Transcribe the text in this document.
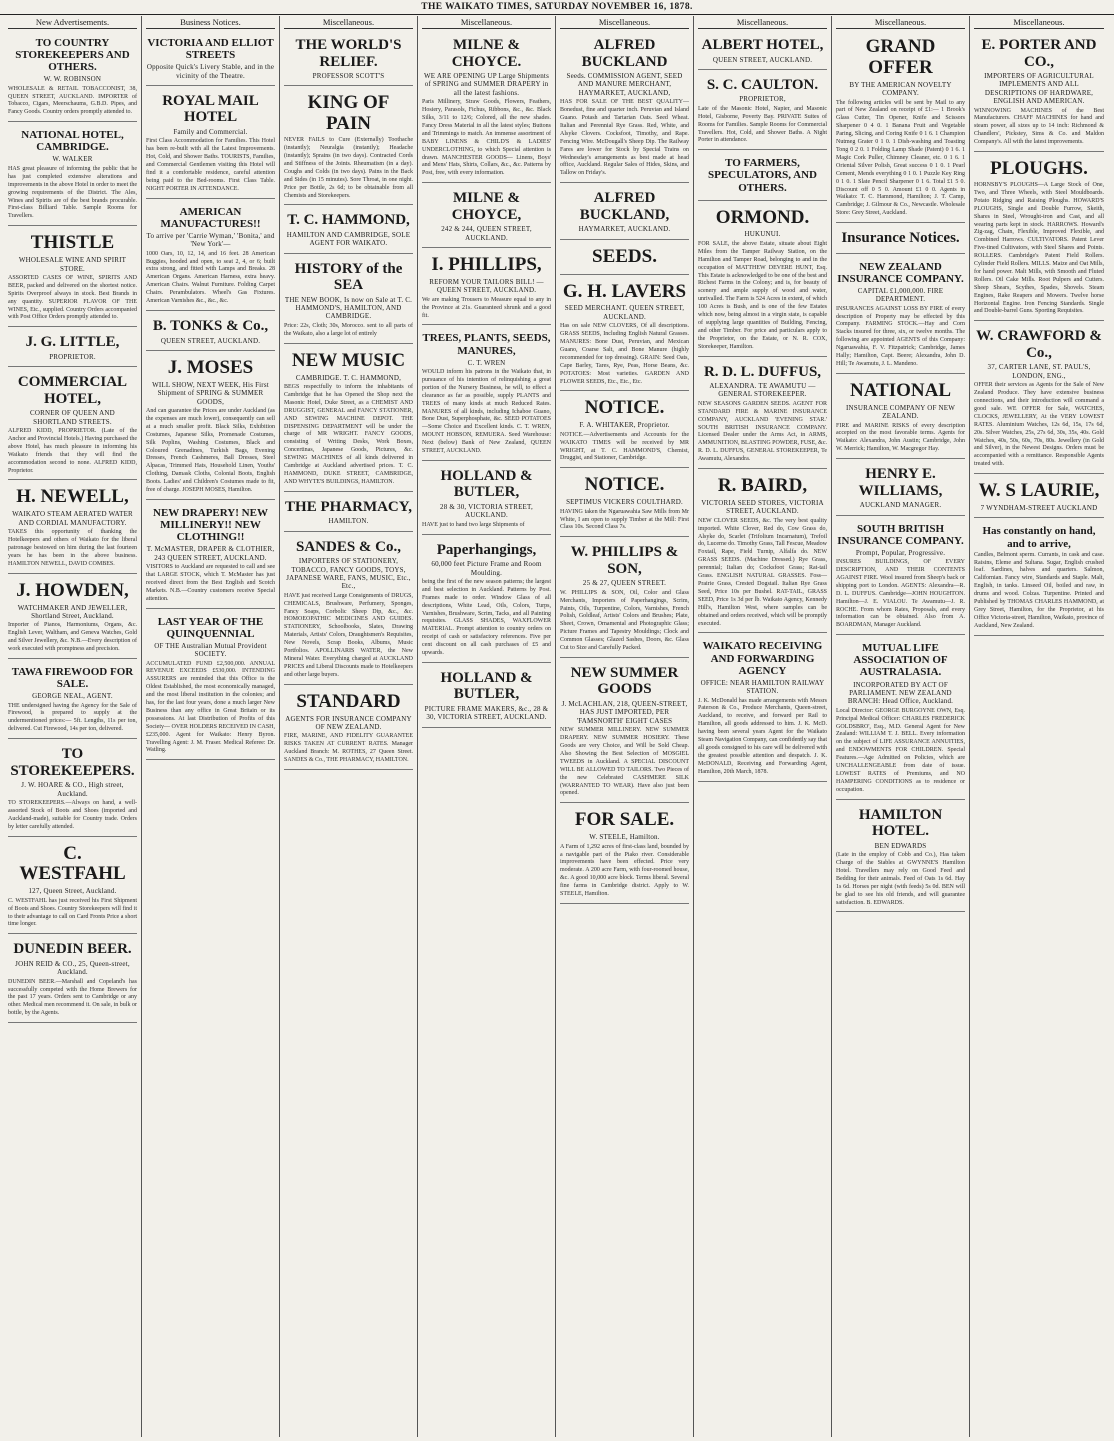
THE WAIKATO TIMES, SATURDAY NOVEMBER 16, 1878.
New Advertisements.
TO COUNTRY STOREKEEPERS AND OTHERS.
W. W. ROBINSON
WHOLESALE & RETAIL TOBACCONIST, 38, QUEEN STREET, AUCKLAND. IMPORTER of Tobacco, Cigars, Meerschaums, G.B.D. Pipes, and Fancy Goods. Country orders promptly attended to.
NATIONAL HOTEL, CAMBRIDGE.
W. WALKER
HAS great pleasure of informing the public that he has just completed extensive alterations and improvements in the above Hotel in order to meet the growing requirements of the District. The Ales, Wines and Spirits are of the best brands procurable. First-class Billiard Table. Sample Rooms for Travellers.
THISTLE
WHOLESALE WINE AND SPIRIT STORE.
ASSORTED CASES OF WINE, SPIRITS AND BEER, packed and delivered on the shortest notice. Spirits Overproof always in stock. Best Brands in any quantity. SUPERIOR FLAVOR OF THE WINES, Etc., supplied. Country Orders accompanied with Post Office Orders promptly attended to.
J. G. LITTLE,
PROPRIETOR.
COMMERCIAL HOTEL,
CORNER OF QUEEN AND SHORTLAND STREETS.
ALFRED KIDD, PROPRIETOR. (Late of the Anchor and Provincial Hotels.) Having purchased the above Hotel, has much pleasure in informing his Waikato friends that they will find the accommodation second to none. ALFRED KIDD, Proprietor.
H. NEWELL,
WAIKATO STEAM AERATED WATER AND CORDIAL MANUFACTORY.
TAKES this opportunity of thanking the Hotelkeepers and others of Waikato for the liberal patronage bestowed on him during the last fourteen years he has been in the above business. HAMILTON NEWELL, DAVID COMBES.
J. HOWDEN,
WATCHMAKER AND JEWELLER, Shortland Street, Auckland.
Importer of Pianos, Harmoniums, Organs, &c. English Lever, Waltham, and Geneva Watches, Gold and Silver Jewellery, &c. N.B.—Every description of work executed with promptness and precision.
TAWA FIREWOOD FOR SALE.
GEORGE NEAL, AGENT.
THE undersigned having the Agency for the Sale of Firewood, is prepared to supply at the undermentioned prices:— 5ft. Lengths, 11s per ton, delivered. Cut Firewood, 14s per ton, delivered.
TO STOREKEEPERS.
J. W. HOARE & CO., High street, Auckland.
TO STOREKEEPERS.—Always on hand, a well-assorted Stock of Boots and Shoes (imported and Auckland-made), suitable for Country trade. Orders by letter carefully attended.
C. WESTFAHL
127, Queen Street, Auckland.
C. WESTFAHL has just received his First Shipment of Boots and Shoes. Country Storekeepers will find it to their advantage to call on Card Fronts Price a short time longer.
DUNEDIN BEER.
JOHN REID & CO., 25, Queen-street, Auckland.
DUNEDIN BEER.—Marshall and Copeland's has successfully competed with the Home Brewers for the past 17 years. Orders sent to Cambridge or any other. Medical men recommend it. On sale, in bulk or bottle, by the Agents.
Business Notices.
VICTORIA AND ELLIOT STREETS
Opposite Quick's Livery Stable, and in the vicinity of the Theatre.
ROYAL MAIL HOTEL
Family and Commercial.
First Class Accommodation for Families. This Hotel has been re-built with all the Latest Improvements. Hot, Cold, and Shower Baths. TOURISTS, Families, and Commercial Gentlemen visiting this Hotel will find it a comfortable residence, careful attention being paid to the Bed-rooms. First Class Table. NIGHT PORTER IN ATTENDANCE.
AMERICAN MANUFACTURES!!
To arrive per 'Carrie Wyman,' 'Bonita,' and 'New York'—
1000 Oars, 10, 12, 14, and 16 feet. 28 American Buggies, hooded and open, to seat 2, 4, or 6; built extra strong, and fitted with Lamps and Breaks. 28 American Organs. American Harness, extra heavy. American Chairs. Walnut Furniture. Folding Carpet Chairs. Perambulators. Wheel's Gas Fixtures. American Varnishes &c., &c., &c.
B. TONKS & Co.,
QUEEN STREET, AUCKLAND.
J. MOSES
WILL SHOW, NEXT WEEK, His First Shipment of SPRING & SUMMER GOODS,
And can guarantee the Prices are under Auckland (as the expenses are much lower), consequently can sell at a much smaller profit. Black Silks, Exhibition Costumes, Japanese Silks, Promenade Costumes, Silk Poplins, Washing Costumes, Black and Coloured Grenadines, Turkish Bags, Evening Dresses, French Cashmeres, Ball Dresses, Steel Alpacas, Trimmed Hats, Household Linen, Youths' Clothing, Damask Cloths, Colonial Boots, English Boots. Ladies' and Children's Costumes made to fit, free of charge. JOSEPH MOSES, Hamilton.
NEW DRAPERY! NEW MILLINERY!! NEW CLOTHING!!
T. McMASTER, DRAPER & CLOTHIER, 243 QUEEN STREET, AUCKLAND.
VISITORS to Auckland are requested to call and see that LARGE STOCK, which T. McMaster has just received direct from the Best English and Scotch Markets. N.B.—Country customers receive Special attention.
LAST YEAR OF THE QUINQUENNIAL
OF THE Australian Mutual Provident SOCIETY.
ACCUMULATED FUND £2,500,000. ANNUAL REVENUE EXCEEDS £530,000. INTENDING ASSURERS are reminded that this Office is the Oldest Established, the most economically managed, and the most liberal institution in the colonies; and has, for the last four years, done a much larger New Business than any office in Great Britain or its possessions. At last Distribution of Profits of this Society— OVER HOLDERS RECEIVED IN CASH, £235,000. Agent for Waikato: Henry Byron. Travelling Agent: J. M. Fraser. Medical Referee: Dr. Watling.
Miscellaneous.
THE WORLD'S RELIEF.
PROFESSOR SCOTT'S
KING OF PAIN
NEVER FAILS to Cure (Externally) Toothache (instantly); Neuralgia (instantly); Headache (instantly); Sprains (in two days). Contracted Cords and Stiffness of the Joints. Rheumatism (in a day). Coughs and Colds (in two days). Pains in the Back and Sides (in 15 minutes). Sore Throat, in one night. Price per Bottle, 2s 6d; to be obtainable from all Chemists and Storekeepers.
T. C. HAMMOND,
HAMILTON AND CAMBRIDGE, SOLE AGENT FOR WAIKATO.
HISTORY of the SEA
THE NEW BOOK, Is now on Sale at T. C. HAMMOND'S, HAMILTON, AND CAMBRIDGE.
Price: 22s, Cloth; 30s, Morocco. sent to all parts of the Waikato, also a large lot of entirely
NEW MUSIC
CAMBRIDGE. T. C. HAMMOND,
BEGS respectfully to inform the inhabitants of Cambridge that he has Opened the Shop next the Masonic Hotel, Duke Street, as a CHEMIST AND DRUGGIST, GENERAL and FANCY STATIONER, AND SEWING MACHINE DEPOT. THE DISPENSING DEPARTMENT will be under the charge of MR WRIGHT. FANCY GOODS, consisting of Writing Desks, Work Boxes, Concertinas, Japanese Goods, Pictures, &c. SEWING MACHINES of all kinds delivered in Cambridge at Auckland advertised prices. T. C. HAMMOND, DUKE STREET, CAMBRIDGE, AND WHYTE'S BUILDINGS, HAMILTON.
THE PHARMACY,
HAMILTON.
SANDES & Co.,
IMPORTERS OF STATIONERY, TOBACCO, FANCY GOODS, TOYS, JAPANESE WARE, FANS, MUSIC, Etc., Etc.,
HAVE just received Large Consignments of DRUGS, CHEMICALS, Brushware, Perfumery, Sponges, Fancy Soaps, Corbolic Sheep Dip, &c., &c. HOMOEOPATHIC MEDICINES AND GUIDES. STATIONERY, Schoolbooks, Slates, Drawing Materials, Artists' Colors, Draughtsmen's Requisites, New Novels, Scrap Books, Albums, Music Portfolios. APOLLINARIS WATER, the New Mineral Water. Everything charged at AUCKLAND PRICES and Liberal Discounts made to Hotelkeepers and other large buyers.
STANDARD
AGENTS FOR INSURANCE COMPANY OF NEW ZEALAND.
FIRE, MARINE, AND FIDELITY GUARANTEE RISKS TAKEN AT CURRENT RATES. Manager Auckland Branch: M. ROTHES, 27 Queen Street. SANDES & Co., THE PHARMACY, HAMILTON.
Miscellaneous.
MILNE & CHOYCE.
WE ARE OPENING UP Large Shipments of SPRING and SUMMER DRAPERY in all the latest fashions.
Paris Millinery, Straw Goods, Flowers, Feathers, Hosiery, Parasols, Fichus, Ribbons, &c., &c. Black Silks, 3/11 to 12/6; Colored, all the new shades. Fancy Dress Material in all the latest styles; Buttons and Trimmings to match. An immense assortment of BABY LINENS & CHILD'S & LADIES' UNDERCLOTHING, to which Special attention is drawn. MANCHESTER GOODS— Linens, Boys' and Mens' Hats, Shirts, Collars, &c., &c. Patterns by Post, free, with every information.
MILNE & CHOYCE,
242 & 244, QUEEN STREET, AUCKLAND.
I. PHILLIPS,
REFORM YOUR TAILORS BILL! — QUEEN STREET, AUCKLAND.
We are making Trousers to Measure equal to any in the Province at 21s. Guaranteed shrunk and a good fit.
TREES, PLANTS, SEEDS, MANURES,
C. T. WREN
WOULD inform his patrons in the Waikato that, in pursuance of his intention of relinquishing a great portion of the Nursery Business, he will, to effect a clearance as far as possible, supply PLANTS and TREES of many kinds at much Reduced Rates. MANURES of all kinds, including Ichaboe Guano, Bone Dust, Superphosphate, &c. SEED POTATOES—Some Choice and Excellent kinds. C. T. WREN, MOUNT HOBSON, REMUERA. Seed Warehouse: Next (below) Bank of New Zealand, QUEEN STREET, AUCKLAND.
HOLLAND & BUTLER,
28 & 30, VICTORIA STREET, AUCKLAND.
HAVE just to hand two large Shipments of
Paperhangings,
60,000 feet Picture Frame and Room Moulding.
being the first of the new season patterns; the largest and best selection in Auckland. Patterns by Post. Frames made to order. Window Glass of all descriptions, White Lead, Oils, Colors, Turps, Varnishes, Brushware, Scrim, Tacks, and all Painting requisites. GLASS SHADES, WAXFLOWER MATERIAL. Prompt attention to country orders on receipt of cash or satisfactory references. Five per cent discount on all cash purchases of £5 and upwards.
HOLLAND & BUTLER,
PICTURE FRAME MAKERS, &c., 28 & 30, VICTORIA STREET, AUCKLAND.
Miscellaneous.
ALFRED BUCKLAND
Seeds. COMMISSION AGENT, SEED AND MANURE MERCHANT, HAYMARKET, AUCKLAND,
HAS FOR SALE OF THE BEST QUALITY— Bonedust, fine and quarter inch. Peruvian and Island Guano. Potash and Tartarian Oats. Seed Wheat. Italian and Perennial Rye Grass. Red, White, and Alsyke Clovers. Cocksfoot, Timothy, and Rape. Fencing Wire. McDougall's Sheep Dip. The Railway Fares are lower for Stock by Special Trains on Wednesday's arrangements as best made at head office, Auckland. Regular Sales of Hides, Skins, and Tallow on Friday's.
ALFRED BUCKLAND,
HAYMARKET, AUCKLAND.
SEEDS.
G. H. LAVERS
SEED MERCHANT. QUEEN STREET, AUCKLAND.
Has on sale NEW CLOVERS, Of all descriptions. GRASS SEEDS, Including English Natural Grasses. MANURES: Bone Dust, Peruvian, and Mexican Guano, Coarse Salt, and Bone Manure (highly recommended for top dressing). GRAIN: Seed Oats, Cape Barley, Tares, Rye, Peas, Horse Beans, &c. POTATOES: Most varieties. GARDEN AND FLOWER SEEDS, Etc., Etc., Etc.
NOTICE.
F. A. WHITAKER, Proprietor.
NOTICE.—Advertisements and Accounts for the WAIKATO TIMES will be received by MR WRIGHT, at T. C. HAMMOND'S, Chemist, Druggist, and Stationer, Cambridge.
NOTICE.
SEPTIMUS VICKERS COULTHARD.
HAVING taken the Ngaruawahia Saw Mills from Mr White, I am open to supply Timber at the Mill: First Class 10s. Second Class 7s.
W. PHILLIPS & SON,
25 & 27, QUEEN STREET.
W. PHILLIPS & SON, Oil, Color and Glass Merchants, Importers of Paperhangings, Scrim, Paints, Oils, Turpentine, Colors, Varnishes, French Polish, Goldleaf, Artists' Colors and Brushes; Plate, Sheet, Crown, Ornamental and Photographic Glass; Picture Frames and Tapestry Mouldings; Clock and Common Glasses; Glazed Sashes, Doors, &c. Glass Cut to Size and Carefully Packed.
NEW SUMMER GOODS
J. McLACHLAN, 218, QUEEN-STREET, HAS JUST IMPORTED, PER 'FAMSNORTH' EIGHT CASES
NEW SUMMER MILLINERY. NEW SUMMER DRAPERY. NEW SUMMER HOSIERY. These Goods are very Choice, and Will be Sold Cheap. Also Showing the Best Selection of MOSGIEL TWEEDS in Auckland. A SPECIAL DISCOUNT WILL BE ALLOWED TO TAILORS. Two Pieces of the new Celebrated CASHMERE SILK (WARRANTED TO WEAR). Have also just been opened.
FOR SALE.
W. STEELE, Hamilton.
A Farm of 1,292 acres of first-class land, bounded by a navigable part of the Piako river. Considerable improvements have been effected. Price very moderate. A 200 acre Farm, with four-roomed house, &c. A good 10,000 acre block. Terms liberal. Several fine farms in Cambridge district. Apply to W. STEELE, Hamilton.
Miscellaneous.
ALBERT HOTEL,
QUEEN STREET, AUCKLAND.
S. C. CAULTON.
PROPRIETOR,
Late of the Masonic Hotel, Napier, and Masonic Hotel, Gisborne, Poverty Bay. PRIVATE Suites of Rooms for Families. Sample Rooms for Commercial Travellers. Hot, Cold, and Shower Baths. A Night Porter in attendance.
TO FARMERS, SPECULATORS, AND OTHERS.
ORMOND.
HUKUNUI.
FOR SALE, the above Estate, situate about Eight Miles from the Tamper Railway Station, on the Hamilton and Tamper Road, belonging to and in the occupation of MATTHEW DEVERE HUNT, Esq. This Estate is acknowledged to be one of the best and Richest Farms in the Colony; and is, for beauty of scenery and ample supply of wood and water, unrivalled. The Farm is 524 Acres in extent, of which 100 Acres is Bush, and is one of the few Estates which now, being almost in a virgin state, is capable of supplying large quantities of Building, Fencing, and other Timber. For price and particulars apply to the Proprietor, on the Estate, or N. R. COX, Storekeeper, Hamilton.
R. D. L. DUFFUS,
ALEXANDRA. TE AWAMUTU — GENERAL STOREKEEPER.
NEW SEASONS GARDEN SEEDS. AGENT FOR STANDARD FIRE & MARINE INSURANCE COMPANY, AUCKLAND 'EVENING STAR.' SOUTH BRITISH INSURANCE COMPANY. Licensed Dealer under the Arms Act, in ARMS, AMMUNITION, BLASTING POWDER, FUSE, &c. R. D. L. DUFFUS, GENERAL STOREKEEPER, Te Awamutu, Alexandra.
R. BAIRD,
VICTORIA SEED STORES, VICTORIA STREET, AUCKLAND.
NEW CLOVER SEEDS, &c. The very best quality imported. White Clover, Red do, Cow Grass do, Alsyke do, Scarlet (Trifolium Incarnatum), Trefoil do, Lucerne do. Timothy Grass, Tall Fescue, Meadow Foxtail, Rape, Field Turnip, Alfalfa do. NEW GRASS SEEDS. (Machine Dressed.) Rye Grass, perennial; Italian do; Cocksfoot Grass; Rat-tail Grass. ENGLISH NATURAL GRASSES. Foss—Prairie Grass, Crested Dogstail. Italian Rye Grass Seed, Price 10s per Bushel. RAT-TAIL, GRASS SEED, Price 1s 3d per lb. Waikato Agency, Kennedy Hill's, Hamilton West, where samples can be obtained and orders received, which will be promptly executed.
WAIKATO RECEIVING AND FORWARDING AGENCY
OFFICE: NEAR HAMILTON RAILWAY STATION.
J. K. McDonald has made arrangements with Messrs Paterson & Co., Produce Merchants, Queen-street, Auckland, to receive, and forward per Rail to Hamilton, all goods addressed to him. J. K. McD. having been several years Agent for the Waikato Steam Navigation Company, can confidently say that all goods consigned to his care will be delivered with the greatest possible attention and despatch. J. K. McDONALD, Receiving and Forwarding Agent, Hamilton, 20th March, 1878.
Miscellaneous.
GRAND OFFER
BY THE AMERICAN NOVELTY COMPANY.
The following articles will be sent by Mail to any part of New Zealand on receipt of £1:— 1 Brook's Glass Cutter, Tin Opener, Knife and Scissors Sharpener 0 4 0. 1 Banana Fruit and Vegetable Paring, Slicing, and Coring Knife 0 1 6. 1 Champion Nutmeg Grater 0 1 0. 1 Dish-washing and Toasting Tong 0 2 0. 1 Folding Lamp Shade (Patent) 0 1 6. 1 Magic Cork Puller, Chimney Cleaner, etc. 0 1 6. 1 Oriental Silver Polish, Great success 0 1 0. 1 Pearl Cement, Mends everything 0 1 0. 1 Puzzle Key Ring 0 1 0. 1 Slate Pencil Sharpener 0 1 6. Total £1 5 0. Discount off 0 5 0. Amount £1 0 0. Agents in Waikato: T. C. Hammond, Hamilton; J. T. Camp, Cambridge; J. Gilmour & Co., Newcastle. Wholesale Store: Grey Street, Auckland.
Insurance Notices.
NEW ZEALAND INSURANCE COMPANY.
CAPITAL £1,000,000. FIRE DEPARTMENT.
INSURANCES AGAINST LOSS BY FIRE of every description of Property may be effected by this Company. FARMING STOCK.—Hay and Corn Stacks insured for three, six, or twelve months. The following are appointed AGENTS of this Company: Ngaruawahia, F. V. Fitzpatrick; Cambridge, James Hally; Hamilton, Capt. Beere; Alexandra, John D. Hill; Te Awamutu, J. L. Mandeno.
NATIONAL
INSURANCE COMPANY OF NEW ZEALAND.
FIRE and MARINE RISKS of every description accepted on the most favorable terms. Agents for Waikato: Alexandra, John Austin; Cambridge, John W. Merrick; Hamilton, W. Macgregor Hay.
HENRY E. WILLIAMS,
AUCKLAND MANAGER.
SOUTH BRITISH INSURANCE COMPANY.
Prompt, Popular, Progressive.
INSURES BUILDINGS, OF EVERY DESCRIPTION, AND THEIR CONTENTS AGAINST FIRE. Wool insured from Sheep's back or shipping port to London. AGENTS: Alexandra—R. D. L. DUFFUS. Cambridge—JOHN HOUGHTON. Hamilton—J. E. VIALOU. Te Awamutu—J. R. ROCHE. From whom Rates, Proposals, and every information can be obtained. Also from A. BOARDMAN, Manager Auckland.
MUTUAL LIFE ASSOCIATION OF AUSTRALASIA.
INCORPORATED BY ACT OF PARLIAMENT. NEW ZEALAND BRANCH: Head Office, Auckland.
Local Director: GEORGE BURGOYNE OWN, Esq. Principal Medical Officer: CHARLES FREDERICK GOLDSBRO', Esq., M.D. General Agent for New Zealand: WILLIAM T. J. BELL. Every information on the subject of LIFE ASSURANCE ANNUITIES, and ENDOWMENTS FOR CHILDREN. Special Features.—Age Admitted on Policies, which are UNCHALLENGEABLE from date of issue. LOWEST RATES of Premiums, and NO HAMPERING CONDITIONS as to residence or occupation.
HAMILTON HOTEL.
BEN EDWARDS
(Late in the employ of Cobb and Co.), Has taken Charge of the Stables at GWYNNE'S Hamilton Hotel. Travellers may rely on Good Feed and Bedding for their animals. Feed of Oats 1s 6d. Hay 1s 6d. Horses per night (with feeds) 5s 0d. BEN will be glad to see his old friends, and will guarantee satisfaction. B. EDWARDS.
Miscellaneous.
E. PORTER AND CO.,
IMPORTERS OF AGRICULTURAL IMPLEMENTS AND ALL DESCRIPTIONS OF HARDWARE, ENGLISH AND AMERICAN.
WINNOWING MACHINES of the Best Manufacturers. CHAFF MACHINES for hand and steam power, all sizes up to 14 inch: Richmond & Chandlers', Pickstey, Sims & Co. and Maldon Company's. All with the latest improvements.
PLOUGHS.
HORNSBY'S PLOUGHS—A Large Stock of One, Two, and Three Wheels, with Steel Mouldboards. Potato Ridging and Raising Ploughs. HOWARD'S PLOUGHS, Single and Double Furrow, Skeith, Shares in Steel, Wrought-iron and Cast, and all wearing parts kept in stock. HARROWS. Howard's Zig-zag, Chain, Flexible, Improved Flexible, and Combined Harrows. CULTIVATORS. Patent Lever Five-tined Cultivators, with Steel Shares and Points. ROLLERS. Cambridge's Patent Field Rollers. Cylinder Field Rollers. MILLS. Maize and Oat Mills, for hand power. Malt Mills, with Smooth and Fluted Rollers. Oil Cake Mills. Root Pulpers and Cutters. Sheep Shears, Scythes, Spades, Shovels. Steam Engines, Rake Reapers and Mowers. Twelve horse Horizontal Engine. Iron Fencing Standards. Single and Double-barrel Guns. Sporting Requisites.
W. CRAWFORD & Co.,
37, CARTER LANE, ST. PAUL'S, LONDON, ENG.,
OFFER their services as Agents for the Sale of New Zealand Produce. They have extensive business connections, and their introduction will command a good sale. WE OFFER for Sale, WATCHES, CLOCKS, JEWELLERY, At the VERY LOWEST RATES. Aluminium Watches, 12s 6d, 15s, 17s 6d, 20s. Silver Watches, 25s, 27s 6d, 30s, 35s, 40s. Gold Watches, 40s, 50s, 60s, 70s, 80s. Jewellery (in Gold and Silver), in the Newest Designs. Orders must be accompanied with a remittance. Responsible Agents treated with.
W. S LAURIE,
7 WYNDHAM-STREET AUCKLAND
Has constantly on hand, and to arrive,
Candles, Belmont sperm. Currants, in cask and case. Raisins, Eleme and Sultana. Sugar, English crushed loaf. Sardines, halves and quarters. Salmon, Californian. Fancy wire, Standards and Staple. Malt, English, in tanks. Linseed Oil, boiled and raw, in drums and wood. Colzas. Turpentine. Printed and Published by THOMAS CHARLES HAMMOND, at Grey Street, Hamilton, for the Proprietor, at his Office Victoria-street, Hamilton, Waikato, province of Auckland, New Zealand.
